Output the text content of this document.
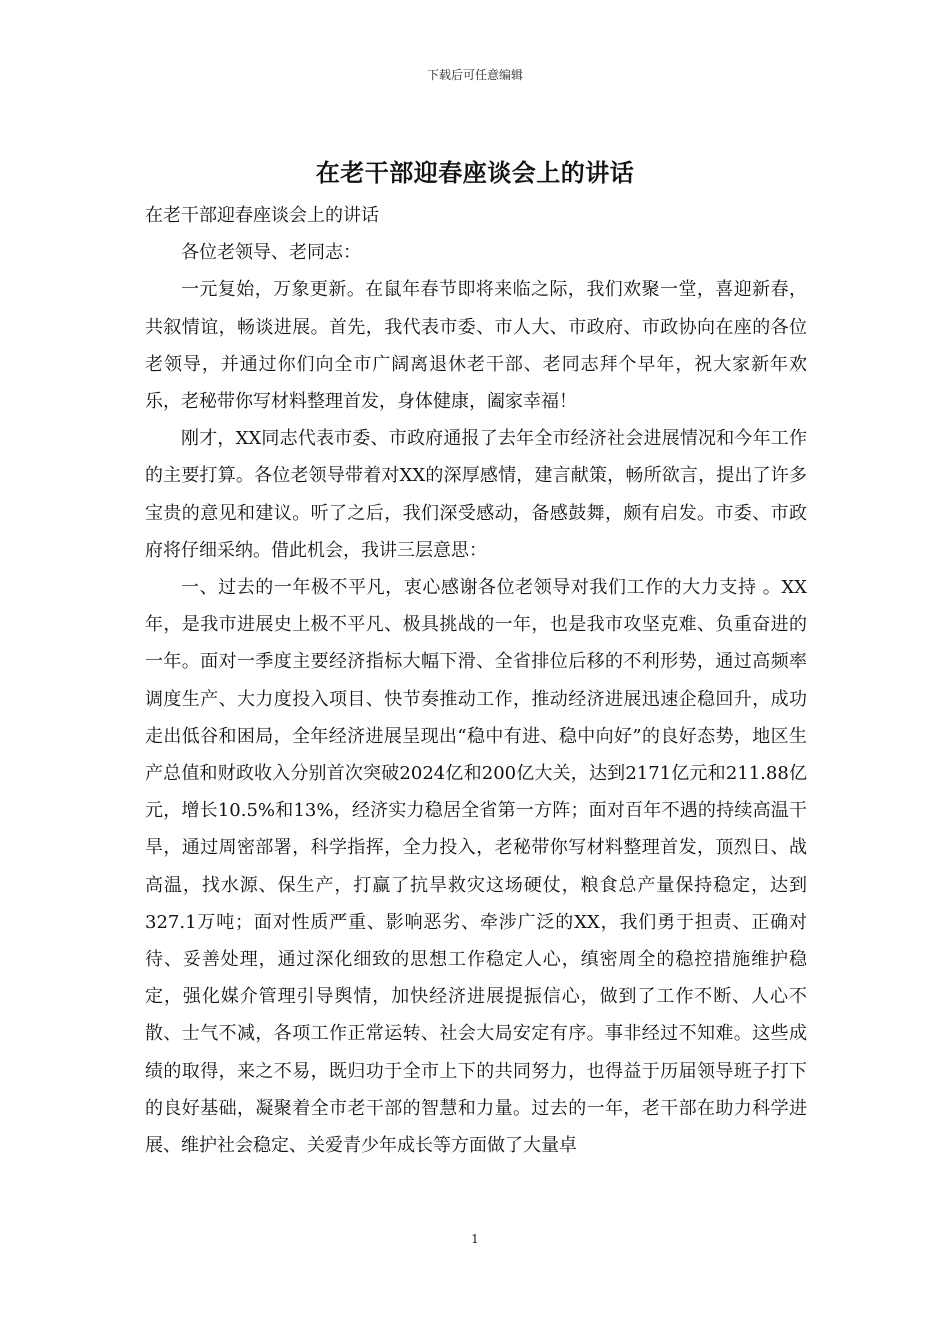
下载后可任意编辑
在老干部迎春座谈会上的讲话

在老干部迎春座谈会上的讲话

各位老领导、老同志：

一元复始，万象更新。在鼠年春节即将来临之际，我们欢聚一堂，喜迎新春，共叙情谊，畅谈进展。首先，我代表市委、市人大、市政府、市政协向在座的各位老领导，并通过你们向全市广阔离退休老干部、老同志拜个早年，祝大家新年欢乐，老秘带你写材料整理首发，身体健康，阖家幸福！

刚才，XX同志代表市委、市政府通报了去年全市经济社会进展情况和今年工作的主要打算。各位老领导带着对XX的深厚感情，建言献策，畅所欲言，提出了许多宝贵的意见和建议。听了之后，我们深受感动，备感鼓舞，颇有启发。市委、市政府将仔细采纳。借此机会，我讲三层意思：

一、过去的一年极不平凡，衷心感谢各位老领导对我们工作的大力支持 。XX年，是我市进展史上极不平凡、极具挑战的一年，也是我市攻坚克难、负重奋进的一年。面对一季度主要经济指标大幅下滑、全省排位后移的不利形势，通过高频率调度生产、大力度投入项目、快节奏推动工作，推动经济进展迅速企稳回升，成功走出低谷和困局，全年经济进展呈现出“稳中有进、稳中向好”的良好态势，地区生产总值和财政收入分别首次突破2024亿和200亿大关，达到2171亿元和211.88亿元，增长10.5%和13%，经济实力稳居全省第一方阵；面对百年不遇的持续高温干旱，通过周密部署，科学指挥，全力投入，老秘带你写材料整理首发，顶烈日、战高温，找水源、保生产，打赢了抗旱救灾这场硬仗，粮食总产量保持稳定，达到327.1万吨；面对性质严重、影响恶劣、牵涉广泛的XX，我们勇于担责、正确对待、妥善处理，通过深化细致的思想工作稳定人心，缜密周全的稳控措施维护稳定，强化媒介管理引导舆情，加快经济进展提振信心，做到了工作不断、人心不散、士气不减，各项工作正常运转、社会大局安定有序。事非经过不知难。这些成绩的取得，来之不易，既归功于全市上下的共同努力，也得益于历届领导班子打下的良好基础，凝聚着全市老干部的智慧和力量。过去的一年，老干部在助力科学进展、维护社会稳定、关爱青少年成长等方面做了大量卓

1
